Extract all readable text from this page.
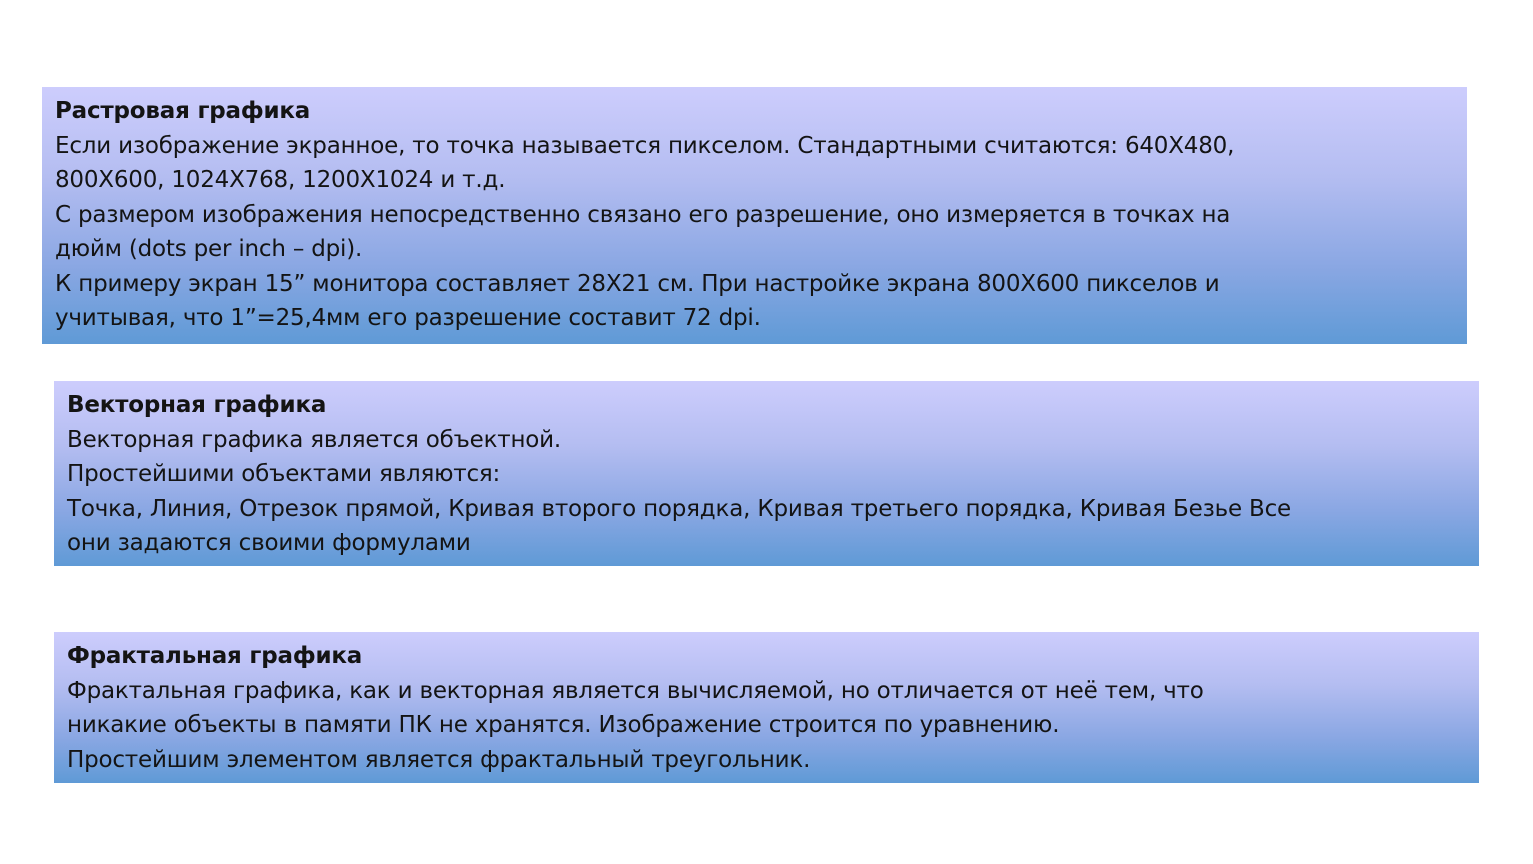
Растровая графика
Если изображение экранное, то точка называется пикселом. Стандартными считаются: 640X480,
800X600, 1024X768, 1200X1024 и т.д.
С размером изображения непосредственно связано его разрешение, оно измеряется в точках на
дюйм (dots per inch – dpi).
К примеру экран 15” монитора составляет 28X21 см. При настройке экрана 800X600 пикселов и
учитывая, что 1”=25,4мм его разрешение составит 72 dpi.
Векторная графика
Векторная графика является объектной.
Простейшими объектами являются:
Точка, Линия, Отрезок прямой, Кривая второго порядка, Кривая третьего порядка, Кривая Безье Все
они задаются своими формулами
Фрактальная графика
Фрактальная графика, как и векторная является вычисляемой, но отличается от неё тем, что
никакие объекты в памяти ПК не хранятся. Изображение строится по уравнению.
Простейшим элементом является фрактальный треугольник.
